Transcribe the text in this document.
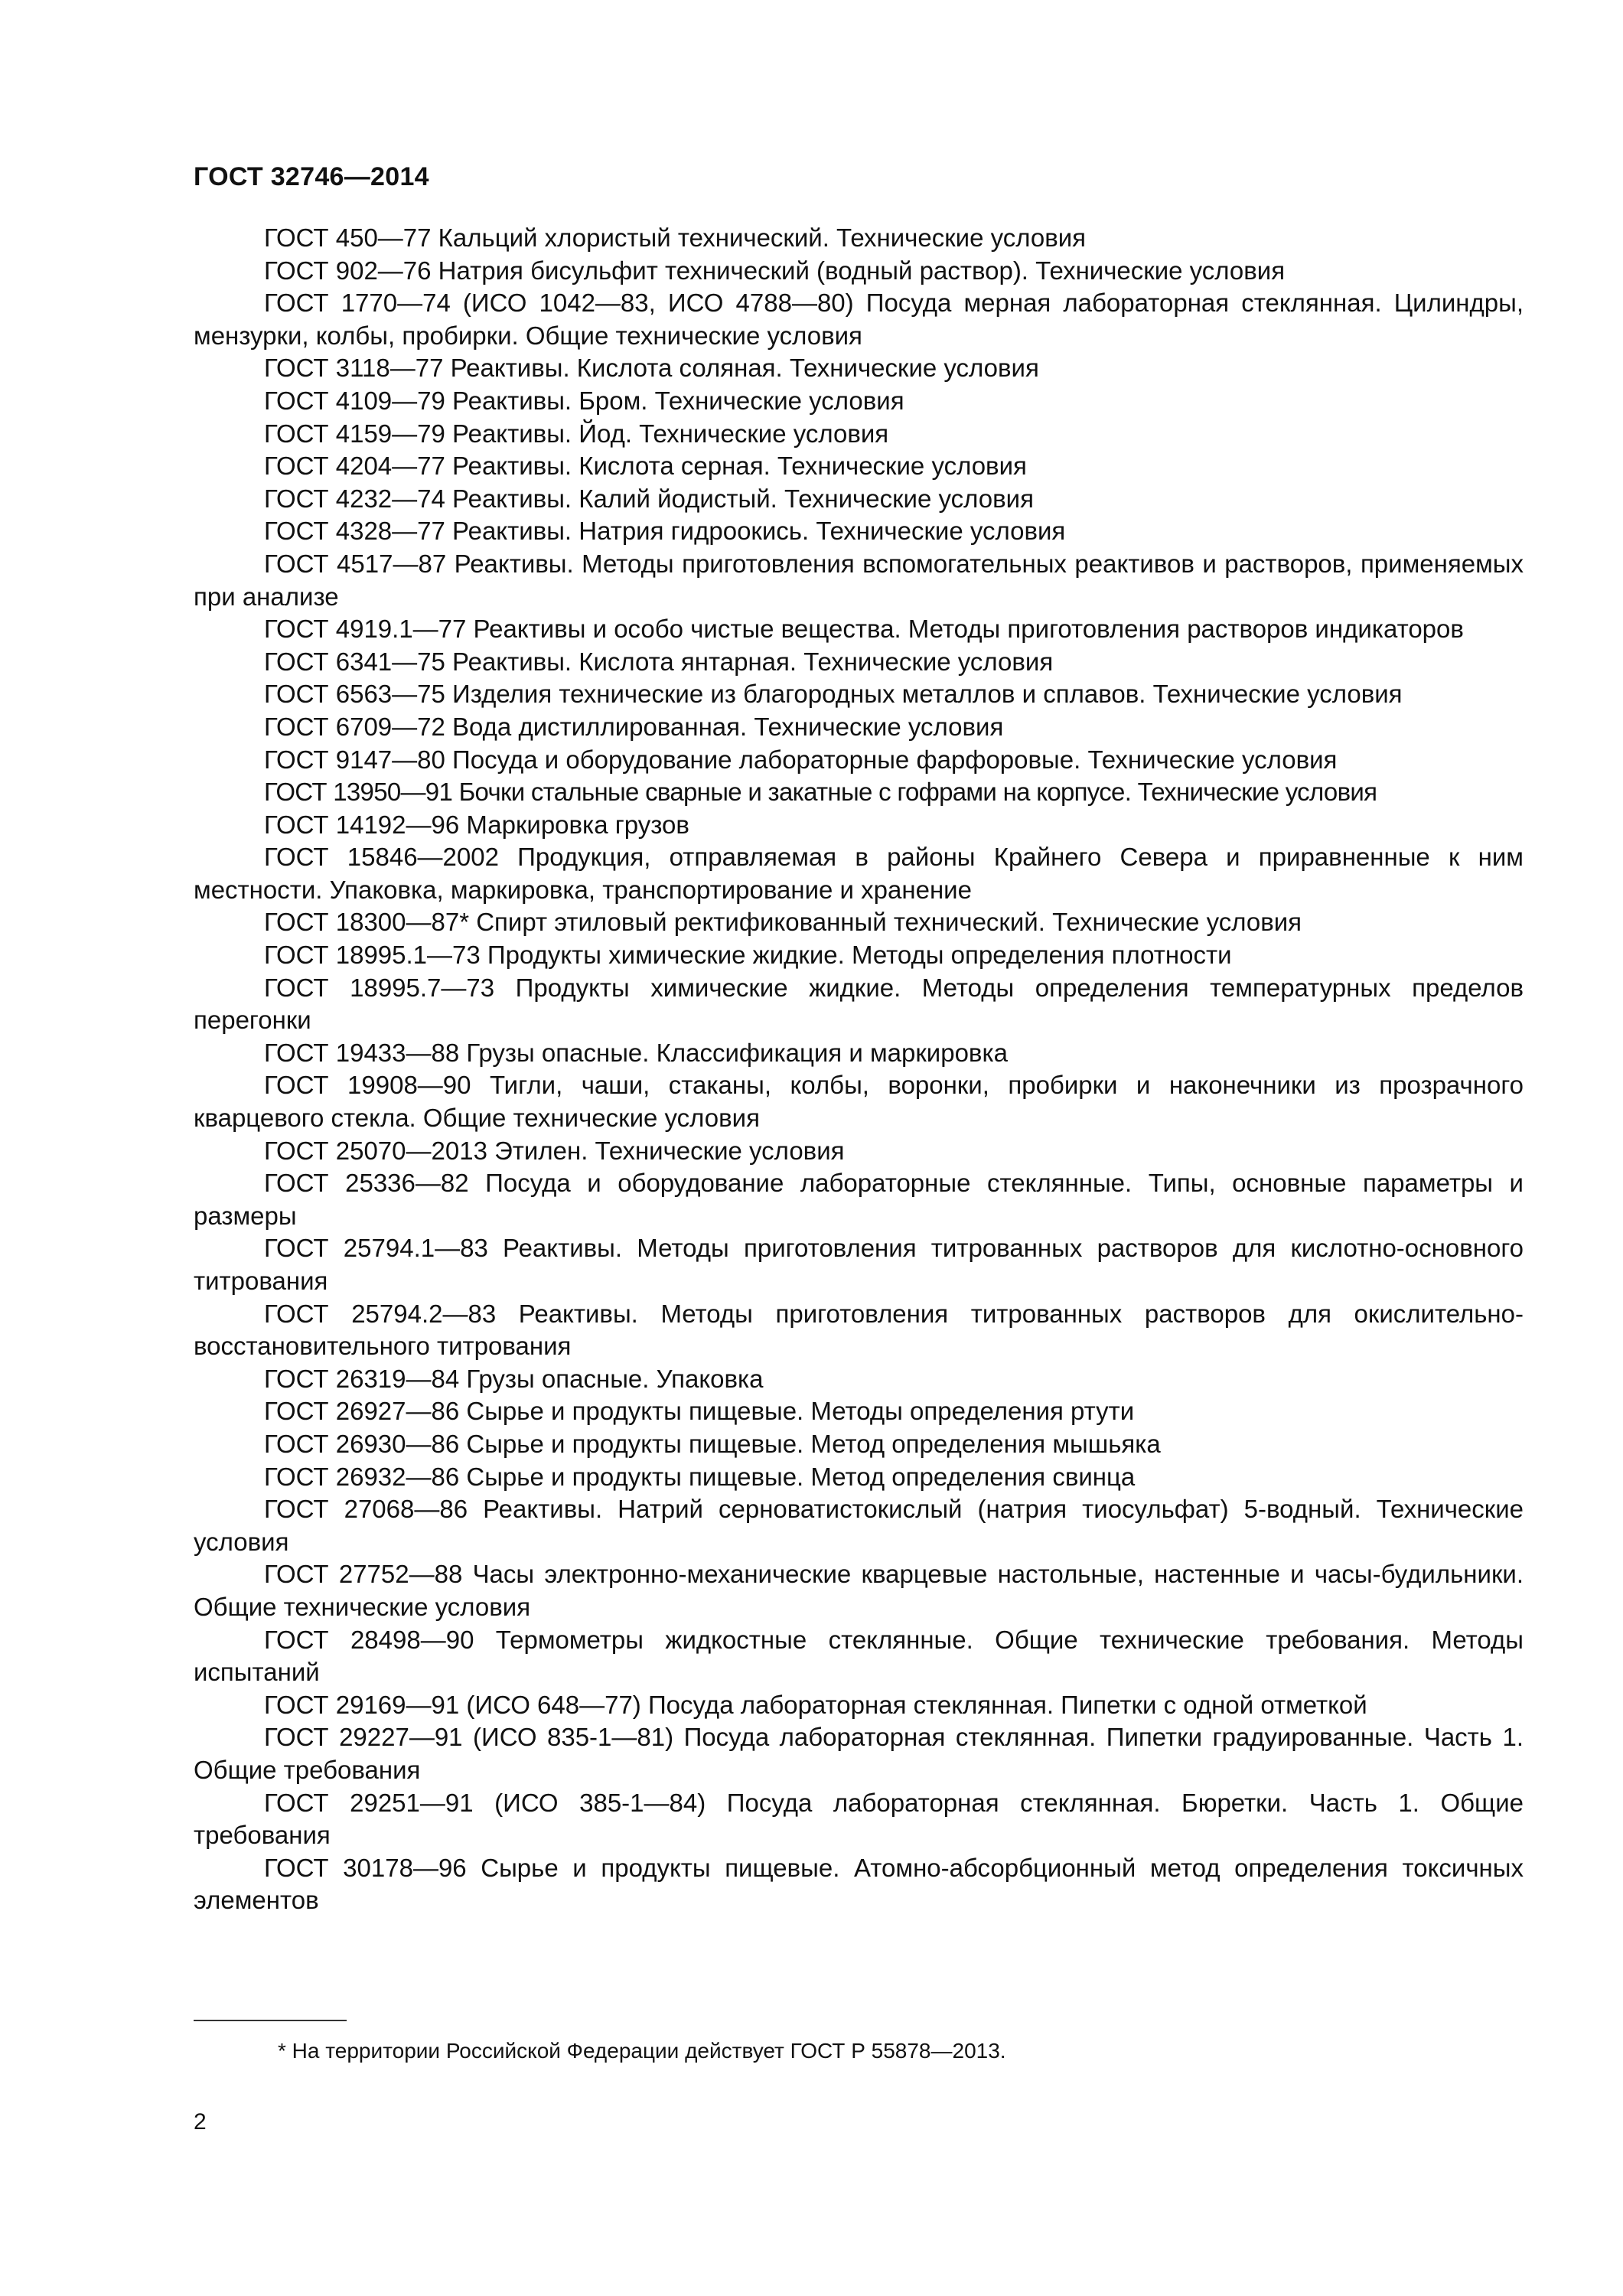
ГОСТ 32746—2014

ГОСТ 450—77 Кальций хлористый технический. Технические условия

ГОСТ 902—76 Натрия бисульфит технический (водный раствор). Технические условия

ГОСТ 1770—74 (ИСО 1042—83, ИСО 4788—80) Посуда мерная лабораторная стеклянная. Цилиндры, мензурки, колбы, пробирки. Общие технические условия

ГОСТ 3118—77 Реактивы. Кислота соляная. Технические условия

ГОСТ 4109—79 Реактивы. Бром. Технические условия

ГОСТ 4159—79 Реактивы. Йод. Технические условия

ГОСТ 4204—77 Реактивы. Кислота серная. Технические условия

ГОСТ 4232—74 Реактивы. Калий йодистый. Технические условия

ГОСТ 4328—77 Реактивы. Натрия гидроокись. Технические условия

ГОСТ 4517—87 Реактивы. Методы приготовления вспомогательных реактивов и растворов, применяемых при анализе

ГОСТ 4919.1—77 Реактивы и особо чистые вещества. Методы приготовления растворов индикаторов

ГОСТ 6341—75 Реактивы. Кислота янтарная. Технические условия

ГОСТ 6563—75 Изделия технические из благородных металлов и сплавов. Технические условия

ГОСТ 6709—72 Вода дистиллированная. Технические условия

ГОСТ 9147—80 Посуда и оборудование лабораторные фарфоровые. Технические условия

ГОСТ 13950—91 Бочки стальные сварные и закатные с гофрами на корпусе. Технические условия

ГОСТ 14192—96 Маркировка грузов

ГОСТ 15846—2002 Продукция, отправляемая в районы Крайнего Севера и приравненные к ним местности. Упаковка, маркировка, транспортирование и хранение

ГОСТ 18300—87* Спирт этиловый ректификованный технический. Технические условия

ГОСТ 18995.1—73 Продукты химические жидкие. Методы определения плотности

ГОСТ 18995.7—73 Продукты химические жидкие. Методы определения температурных пределов перегонки

ГОСТ 19433—88 Грузы опасные. Классификация и маркировка

ГОСТ 19908—90 Тигли, чаши, стаканы, колбы, воронки, пробирки и наконечники из прозрачного кварцевого стекла. Общие технические условия

ГОСТ 25070—2013 Этилен. Технические условия

ГОСТ 25336—82 Посуда и оборудование лабораторные стеклянные. Типы, основные параметры и размеры

ГОСТ 25794.1—83 Реактивы. Методы приготовления титрованных растворов для кислотно-основного титрования

ГОСТ 25794.2—83 Реактивы. Методы приготовления титрованных растворов для окислительно-восстановительного титрования

ГОСТ 26319—84 Грузы опасные. Упаковка

ГОСТ 26927—86 Сырье и продукты пищевые. Методы определения ртути

ГОСТ 26930—86 Сырье и продукты пищевые. Метод определения мышьяка

ГОСТ 26932—86 Сырье и продукты пищевые. Метод определения свинца

ГОСТ 27068—86 Реактивы. Натрий серноватистокислый (натрия тиосульфат) 5-водный. Технические условия

ГОСТ 27752—88 Часы электронно-механические кварцевые настольные, настенные и часы-будильники. Общие технические условия

ГОСТ 28498—90 Термометры жидкостные стеклянные. Общие технические требования. Методы испытаний

ГОСТ 29169—91 (ИСО 648—77) Посуда лабораторная стеклянная. Пипетки с одной отметкой

ГОСТ 29227—91 (ИСО 835-1—81) Посуда лабораторная стеклянная. Пипетки градуированные. Часть 1. Общие требования

ГОСТ 29251—91 (ИСО 385-1—84) Посуда лабораторная стеклянная. Бюретки. Часть 1. Общие требования

ГОСТ 30178—96 Сырье и продукты пищевые. Атомно-абсорбционный метод определения токсичных элементов

* На территории Российской Федерации действует ГОСТ Р 55878—2013.
2
